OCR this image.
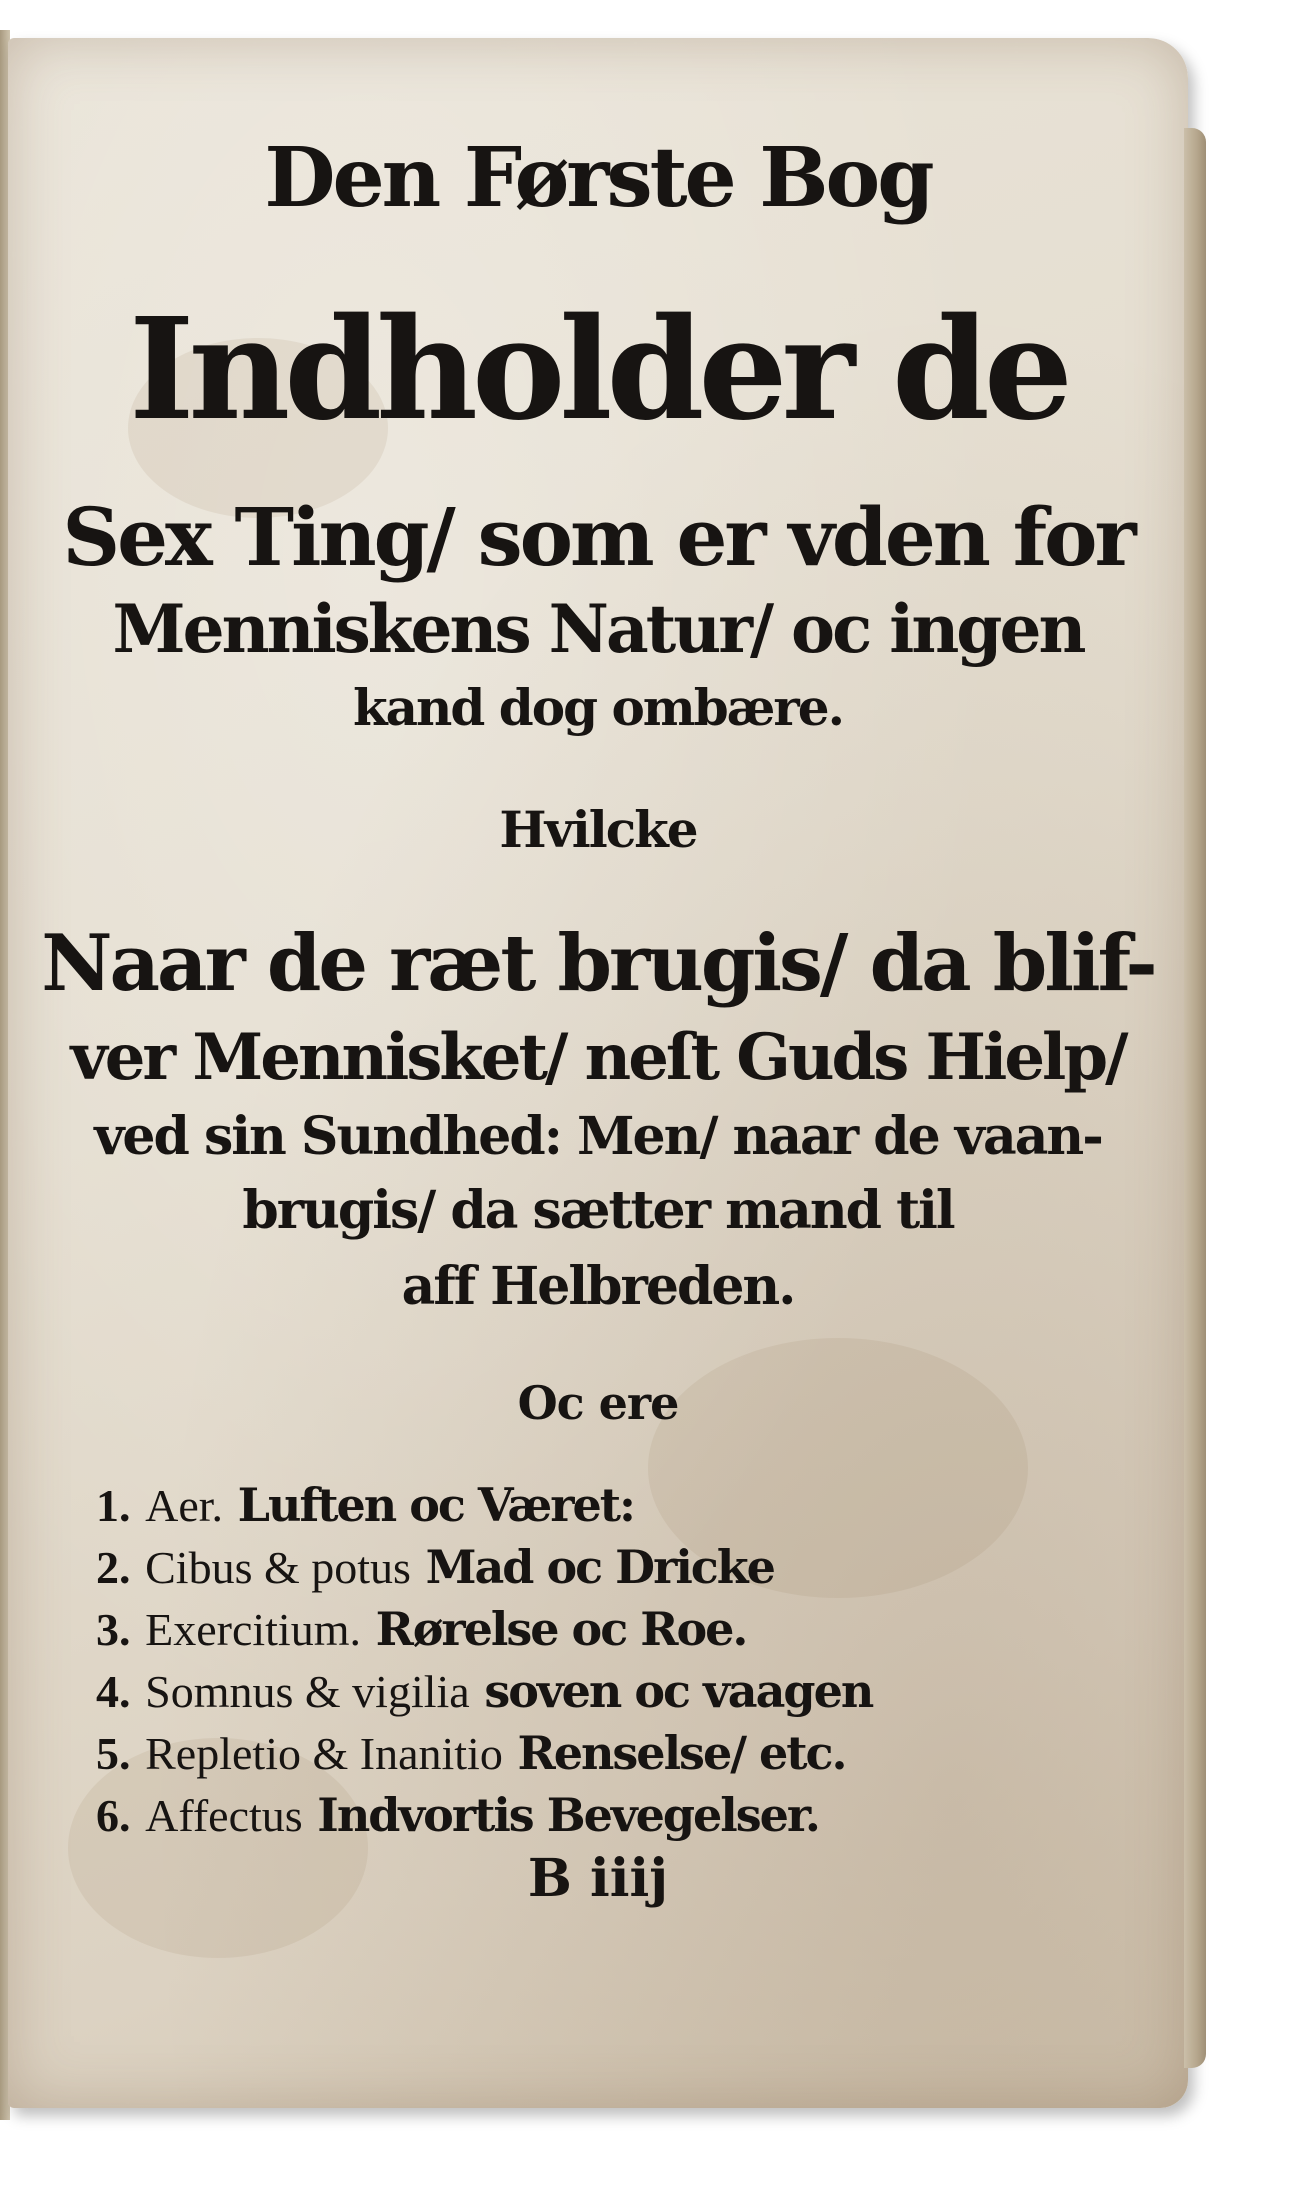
Den Første Bog
Indholder de
Sex Ting/ som er vden for
Menniskens Natur/ oc ingen
kand dog ombære.
Hvilcke
Naar de ræt brugis/ da blif-
ver Mennisket/ neſt Guds Hielp/
ved sin Sundhed: Men/ naar de vaan-
brugis/ da sætter mand til
aff Helbreden.
Oc ere
1. Aer. Luften oc Været:
2. Cibus & potus Mad oc Dricke
3. Exercitium. Rørelse oc Roe.
4. Somnus & vigilia soven oc vaagen
5. Repletio & Inanitio Renselse/ etc.
6. Affectus Indvortis Bevegelser.
B iiij
